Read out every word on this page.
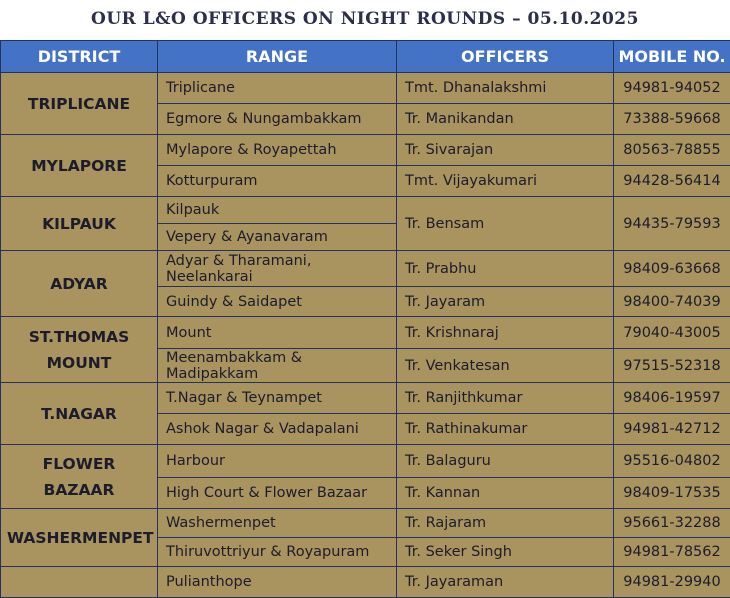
OUR L&O OFFICERS ON NIGHT ROUNDS – 05.10.2025
DISTRICT	RANGE	OFFICERS	MOBILE NO.
TRIPLICANE	Triplicane	Tmt. Dhanalakshmi	94981-94052
	Egmore & Nungambakkam	Tr. Manikandan	73388-59668
MYLAPORE	Mylapore & Royapettah	Tr. Sivarajan	80563-78855
	Kotturpuram	Tmt. Vijayakumari	94428-56414
KILPAUK	Kilpauk	Tr. Bensam	94435-79593
	Vepery & Ayanavaram		
ADYAR	Adyar & Tharamani, Neelankarai	Tr. Prabhu	98409-63668
	Guindy & Saidapet	Tr. Jayaram	98400-74039
ST.THOMAS MOUNT	Mount	Tr. Krishnaraj	79040-43005
	Meenambakkam & Madipakkam	Tr. Venkatesan	97515-52318
T.NAGAR	T.Nagar & Teynampet	Tr. Ranjithkumar	98406-19597
	Ashok Nagar & Vadapalani	Tr. Rathinakumar	94981-42712
FLOWER BAZAAR	Harbour	Tr. Balaguru	95516-04802
	High Court & Flower Bazaar	Tr. Kannan	98409-17535
WASHERMENPET	Washermenpet	Tr. Rajaram	95661-32288
	Thiruvottriyur & Royapuram	Tr. Seker Singh	94981-78562
	Pulianthope	Tr. Jayaraman	94981-29940
